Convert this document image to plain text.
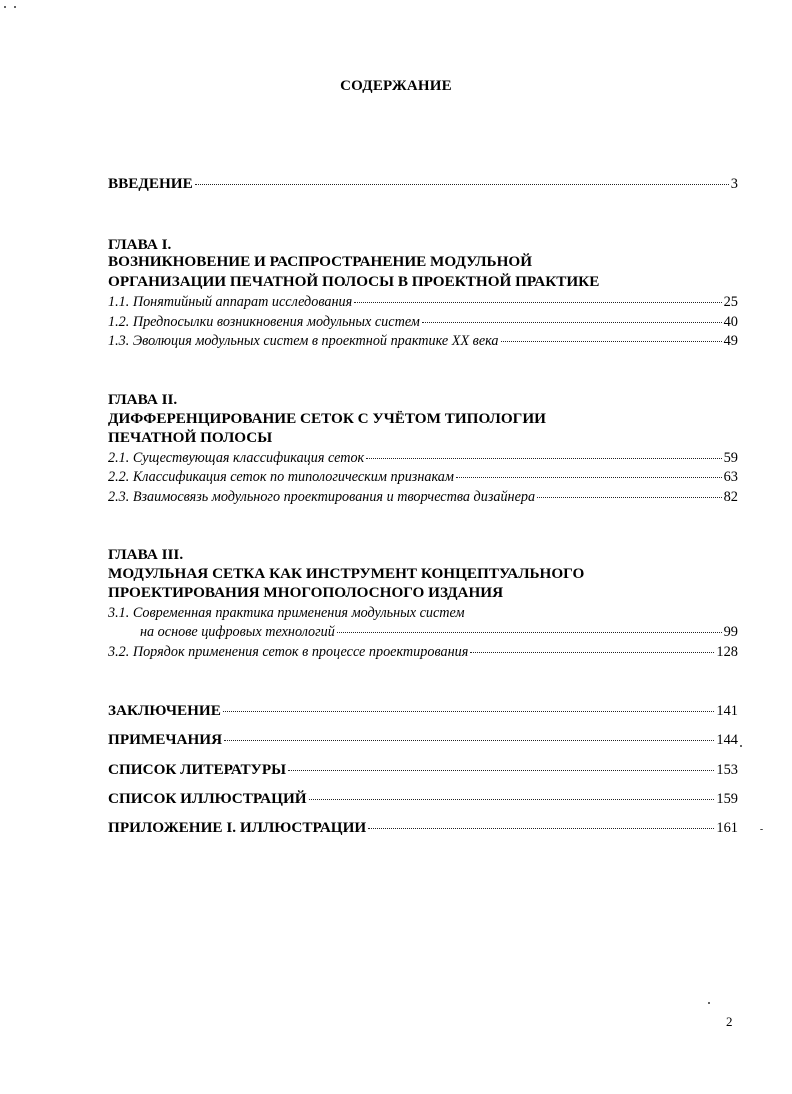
СОДЕРЖАНИЕ
ВВЕДЕНИЕ	3
ГЛАВА I.
ВОЗНИКНОВЕНИЕ И РАСПРОСТРАНЕНИЕ МОДУЛЬНОЙ
ОРГАНИЗАЦИИ ПЕЧАТНОЙ ПОЛОСЫ В ПРОЕКТНОЙ ПРАКТИКЕ
1.1. Понятийный аппарат исследования	25
1.2. Предпосылки возникновения модульных систем	40
1.3. Эволюция модульных систем в проектной практике XX века	49
ГЛАВА II.
ДИФФЕРЕНЦИРОВАНИЕ СЕТОК С УЧЁТОМ ТИПОЛОГИИ
ПЕЧАТНОЙ ПОЛОСЫ
2.1. Существующая классификация сеток	59
2.2. Классификация сеток по типологическим признакам	63
2.3. Взаимосвязь модульного проектирования и творчества дизайнера	82
ГЛАВА III.
МОДУЛЬНАЯ СЕТКА КАК ИНСТРУМЕНТ КОНЦЕПТУАЛЬНОГО
ПРОЕКТИРОВАНИЯ МНОГОПОЛОСНОГО ИЗДАНИЯ
3.1. Современная практика применения модульных систем
на основе цифровых технологий	99
3.2. Порядок применения сеток в процессе проектирования	128
ЗАКЛЮЧЕНИЕ	141
ПРИМЕЧАНИЯ	144
СПИСОК ЛИТЕРАТУРЫ	153
СПИСОК ИЛЛЮСТРАЦИЙ	159
ПРИЛОЖЕНИЕ I. ИЛЛЮСТРАЦИИ	161
2
